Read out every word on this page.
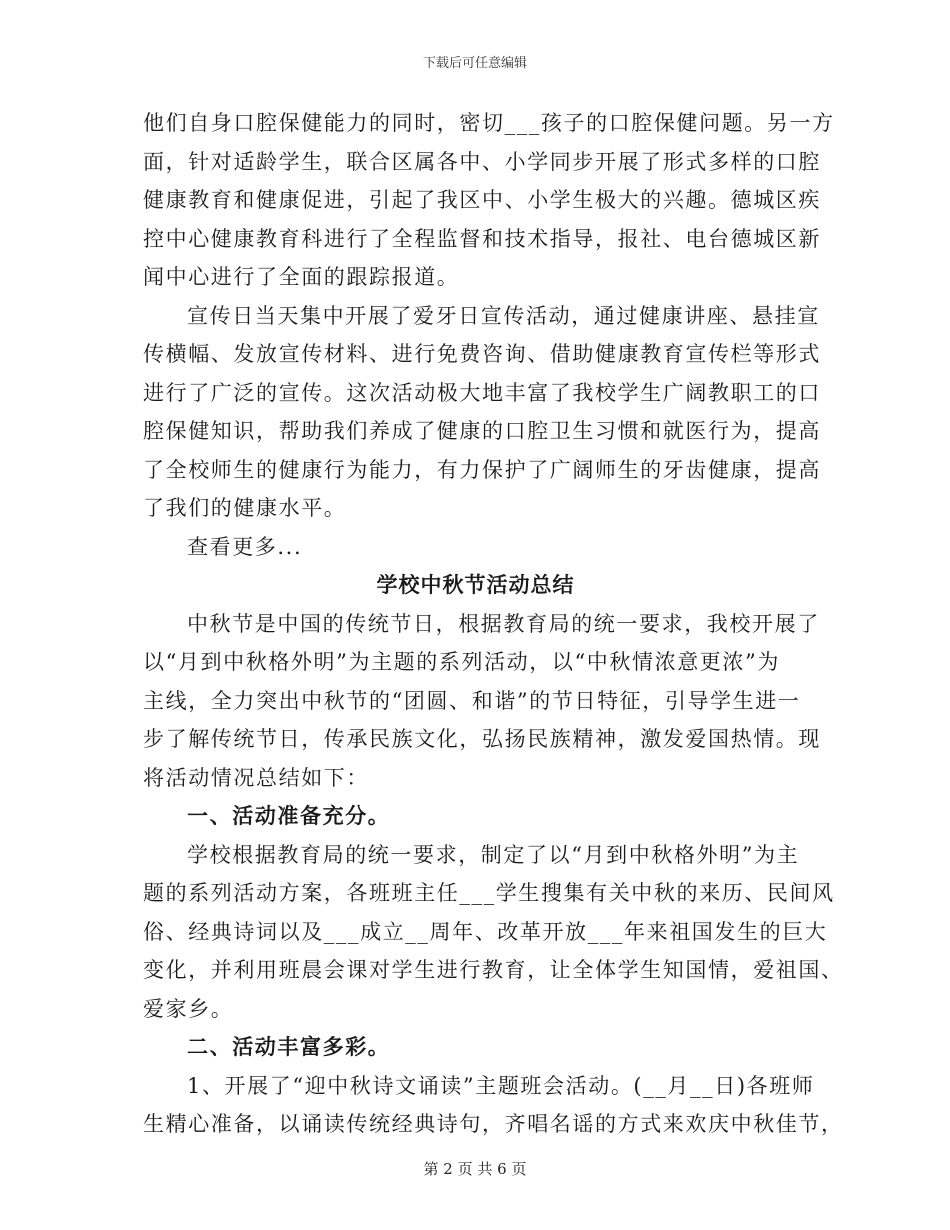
下载后可任意编辑
他们自身口腔保健能力的同时，密切___孩子的口腔保健问题。另一方
面，针对适龄学生，联合区属各中、小学同步开展了形式多样的口腔
健康教育和健康促进，引起了我区中、小学生极大的兴趣。德城区疾
控中心健康教育科进行了全程监督和技术指导，报社、电台德城区新
闻中心进行了全面的跟踪报道。
宣传日当天集中开展了爱牙日宣传活动，通过健康讲座、悬挂宣
传横幅、发放宣传材料、进行免费咨询、借助健康教育宣传栏等形式
进行了广泛的宣传。这次活动极大地丰富了我校学生广阔教职工的口
腔保健知识，帮助我们养成了健康的口腔卫生习惯和就医行为，提高
了全校师生的健康行为能力，有力保护了广阔师生的牙齿健康，提高
了我们的健康水平。
查看更多...
学校中秋节活动总结
中秋节是中国的传统节日，根据教育局的统一要求，我校开展了
以“月到中秋格外明”为主题的系列活动，以“中秋情浓意更浓”为
主线，全力突出中秋节的“团圆、和谐”的节日特征，引导学生进一
步了解传统节日，传承民族文化，弘扬民族精神，激发爱国热情。现
将活动情况总结如下：
一、活动准备充分。
学校根据教育局的统一要求，制定了以“月到中秋格外明”为主
题的系列活动方案，各班班主任___学生搜集有关中秋的来历、民间风
俗、经典诗词以及___成立__周年、改革开放___年来祖国发生的巨大
变化，并利用班晨会课对学生进行教育，让全体学生知国情，爱祖国、
爱家乡。
二、活动丰富多彩。
1、开展了“迎中秋诗文诵读”主题班会活动。(__月__日)各班师
生精心准备，以诵读传统经典诗句，齐唱名谣的方式来欢庆中秋佳节，
第 2 页 共 6 页
